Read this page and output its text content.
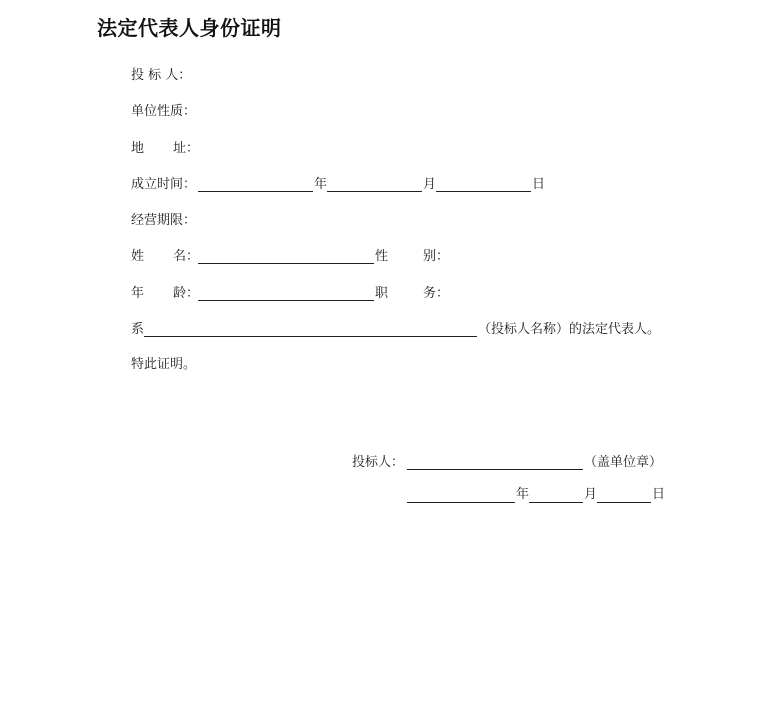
法定代表人身份证明
投 标 人：
单位性质：
地 址：
成立时间：	年	月	日
经营期限：
姓 名：	性	别：
年 龄：	职	务：
系	（投标人名称）的法定代表人。
特此证明。
投标人：	（盖单位章）
年	月	日
